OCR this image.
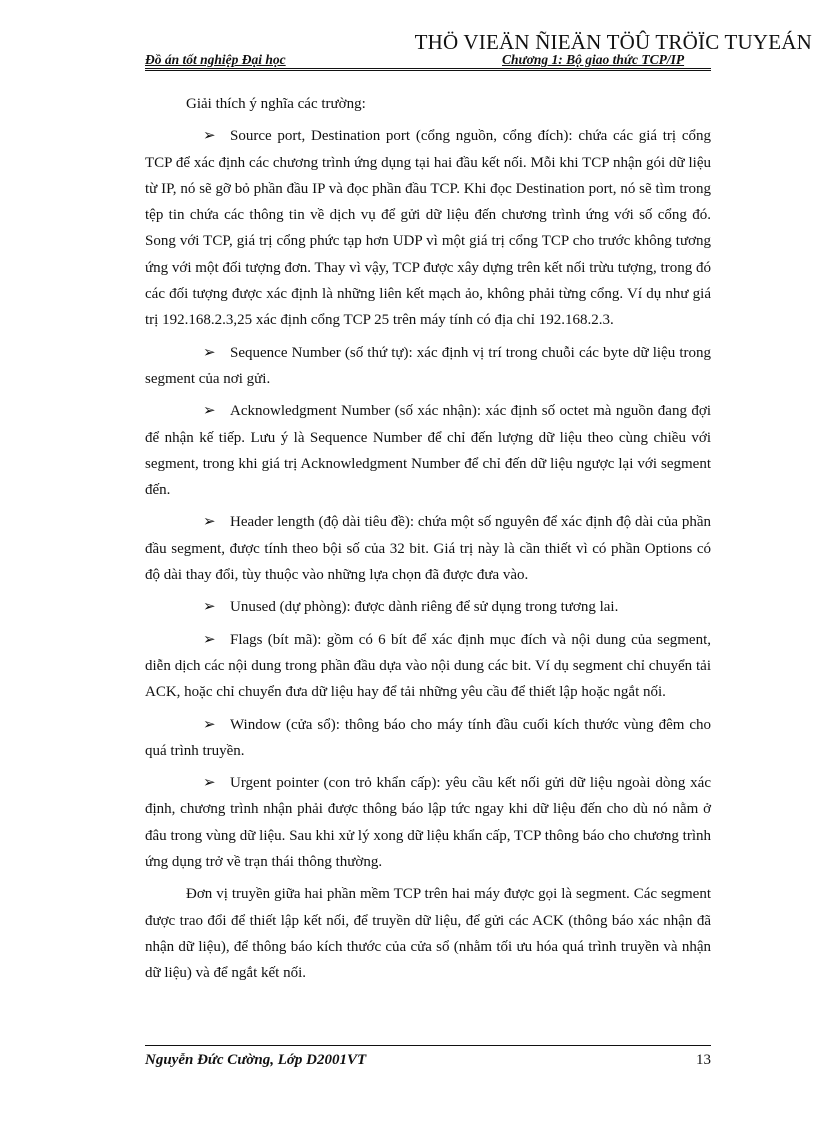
THÖ VIEÄN ÑIEÄN TÖÛ TRÖÏC TUYEÁN
Đồ án tốt nghiệp Đại học	Chương 1: Bộ giao thức TCP/IP

Giải thích ý nghĩa các trường:

➢ Source port, Destination port (cổng nguồn, cổng đích): chứa các giá trị cổng TCP để xác định các chương trình ứng dụng tại hai đầu kết nối. Mỗi khi TCP nhận gói dữ liệu từ IP, nó sẽ gỡ bỏ phần đầu IP và đọc phần đầu TCP. Khi đọc Destination port, nó sẽ tìm trong tệp tin chứa các thông tin về dịch vụ để gửi dữ liệu đến chương trình ứng với số cổng đó. Song với TCP, giá trị cổng phức tạp hơn UDP vì một giá trị cổng TCP cho trước không tương ứng với một đối tượng đơn. Thay vì vậy, TCP được xây dựng trên kết nối trừu tượng, trong đó các đối tượng được xác định là những liên kết mạch ảo, không phải từng cổng. Ví dụ như giá trị 192.168.2.3,25 xác định cổng TCP 25 trên máy tính có địa chỉ 192.168.2.3.

➢ Sequence Number (số thứ tự): xác định vị trí trong chuỗi các byte dữ liệu trong segment của nơi gửi.

➢ Acknowledgment Number (số xác nhận): xác định số octet mà nguồn đang đợi để nhận kế tiếp. Lưu ý là Sequence Number để chỉ đến lượng dữ liệu theo cùng chiều với segment, trong khi giá trị Acknowledgment Number để chỉ đến dữ liệu ngược lại với segment đến.

➢ Header length (độ dài tiêu đề): chứa một số nguyên để xác định độ dài của phần đầu segment, được tính theo bội số của 32 bit. Giá trị này là cần thiết vì có phần Options có độ dài thay đổi, tùy thuộc vào những lựa chọn đã được đưa vào.

➢ Unused (dự phòng): được dành riêng để sử dụng trong tương lai.

➢ Flags (bít mã): gồm có 6 bít để xác định mục đích và nội dung của segment, diễn dịch các nội dung trong phần đầu dựa vào nội dung các bit. Ví dụ segment chỉ chuyển tải ACK, hoặc chỉ chuyển đưa dữ liệu hay để tải những yêu cầu để thiết lập hoặc ngắt nối.

➢ Window (cửa sổ): thông báo cho máy tính đầu cuối kích thước vùng đêm cho quá trình truyền.

➢ Urgent pointer (con trỏ khẩn cấp): yêu cầu kết nối gửi dữ liệu ngoài dòng xác định, chương trình nhận phải được thông báo lập tức ngay khi dữ liệu đến cho dù nó nằm ở đâu trong vùng dữ liệu. Sau khi xử lý xong dữ liệu khẩn cấp, TCP thông báo cho chương trình ứng dụng trở về trạn thái thông thường.

Đơn vị truyền giữa hai phần mềm TCP trên hai máy được gọi là segment. Các segment được trao đổi để thiết lập kết nối, để truyền dữ liệu, để gửi các ACK (thông báo xác nhận đã nhận dữ liệu), để thông báo kích thước của cửa sổ (nhằm tối ưu hóa quá trình truyền và nhận dữ liệu) và để ngắt kết nối.

Nguyễn Đức Cường, Lớp D2001VT	13
